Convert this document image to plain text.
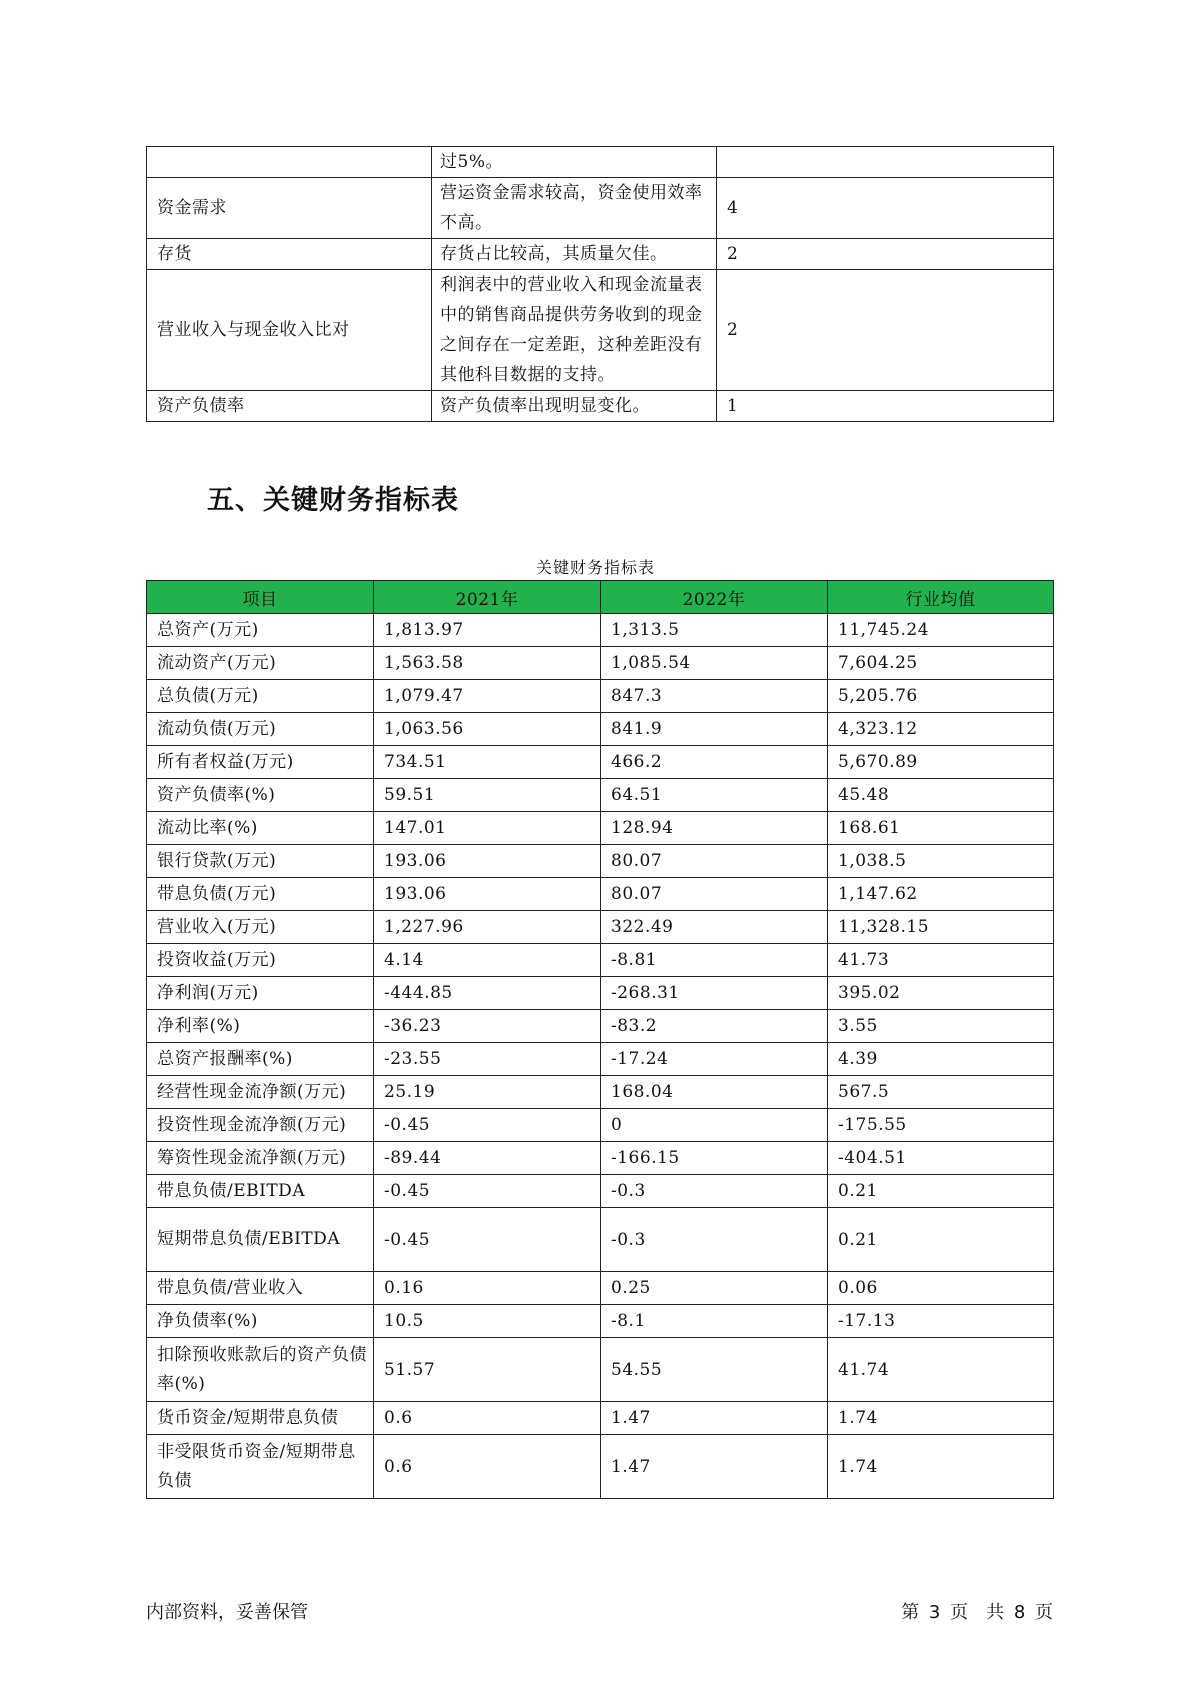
	过5%。	
资金需求	营运资金需求较高，资金使用效率不高。	4
存货	存货占比较高，其质量欠佳。	2
营业收入与现金收入比对	利润表中的营业收入和现金流量表中的销售商品提供劳务收到的现金之间存在一定差距，这种差距没有其他科目数据的支持。	2
资产负债率	资产负债率出现明显变化。	1
五、关键财务指标表
关键财务指标表
项目	2021年	2022年	行业均值
总资产(万元)	1,813.97	1,313.5	11,745.24
流动资产(万元)	1,563.58	1,085.54	7,604.25
总负债(万元)	1,079.47	847.3	5,205.76
流动负债(万元)	1,063.56	841.9	4,323.12
所有者权益(万元)	734.51	466.2	5,670.89
资产负债率(%)	59.51	64.51	45.48
流动比率(%)	147.01	128.94	168.61
银行贷款(万元)	193.06	80.07	1,038.5
带息负债(万元)	193.06	80.07	1,147.62
营业收入(万元)	1,227.96	322.49	11,328.15
投资收益(万元)	4.14	-8.81	41.73
净利润(万元)	-444.85	-268.31	395.02
净利率(%)	-36.23	-83.2	3.55
总资产报酬率(%)	-23.55	-17.24	4.39
经营性现金流净额(万元)	25.19	168.04	567.5
投资性现金流净额(万元)	-0.45	0	-175.55
筹资性现金流净额(万元)	-89.44	-166.15	-404.51
带息负债/EBITDA	-0.45	-0.3	0.21
短期带息负债/EBITDA	-0.45	-0.3	0.21
带息负债/营业收入	0.16	0.25	0.06
净负债率(%)	10.5	-8.1	-17.13
扣除预收账款后的资产负债率(%)	51.57	54.55	41.74
货币资金/短期带息负债	0.6	1.47	1.74
非受限货币资金/短期带息负债	0.6	1.47	1.74
内部资料，妥善保管	第 3 页　共 8 页
